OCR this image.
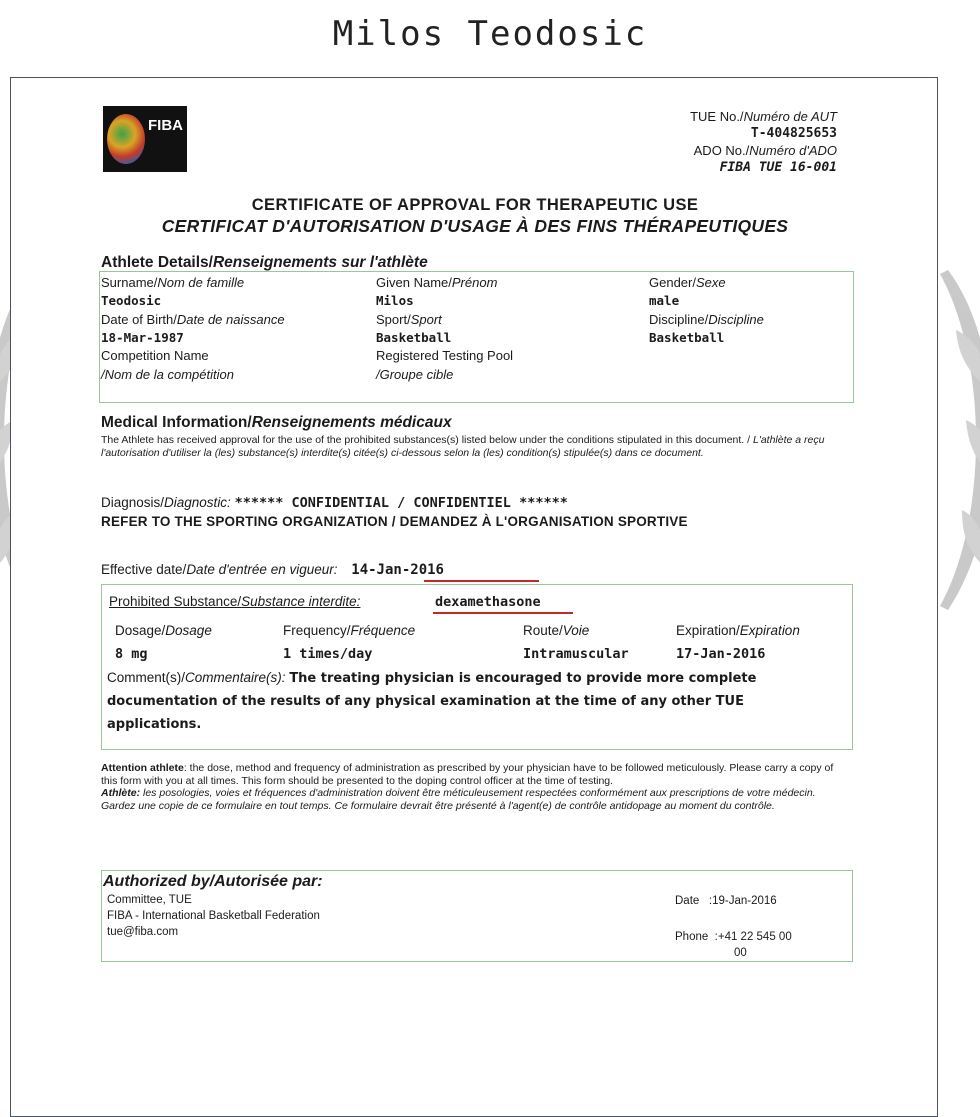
Milos Teodosic
FIBA
TUE No./Numéro de AUT
T-404825653
ADO No./Numéro d'ADO
FIBA TUE 16-001
CERTIFICATE OF APPROVAL FOR THERAPEUTIC USE
CERTIFICAT D'AUTORISATION D'USAGE À DES FINS THÉRAPEUTIQUES
Athlete Details/Renseignements sur l'athlète
Surname/Nom de famille
Teodosic
Date of Birth/Date de naissance
18-Mar-1987
Competition Name
/Nom de la compétition
Given Name/Prénom
Milos
Sport/Sport
Basketball
Registered Testing Pool
/Groupe cible
Gender/Sexe
male
Discipline/Discipline
Basketball
Medical Information/Renseignements médicaux
The Athlete has received approval for the use of the prohibited substances(s) listed below under the conditions stipulated in this document. / L'athlète a reçu l'autorisation d'utiliser la (les) substance(s) interdite(s) citée(s) ci-dessous selon la (les) condition(s) stipulée(s) dans ce document.
Diagnosis/Diagnostic: ****** CONFIDENTIAL / CONFIDENTIEL ******
REFER TO THE SPORTING ORGANIZATION / DEMANDEZ À L'ORGANISATION SPORTIVE
Effective date/Date d'entrée en vigueur: 14-Jan-2016
Prohibited Substance/Substance interdite:	dexamethasone
Dosage/Dosage
8 mg
Frequency/Fréquence
1 times/day
Route/Voie
Intramuscular
Expiration/Expiration
17-Jan-2016
Comment(s)/Commentaire(s): The treating physician is encouraged to provide more complete documentation of the results of any physical examination at the time of any other TUE applications.
Attention athlete: the dose, method and frequency of administration as prescribed by your physician have to be followed meticulously. Please carry a copy of this form with you at all times. This form should be presented to the doping control officer at the time of testing.
Athlète: les posologies, voies et fréquences d'administration doivent être méticuleusement respectées conformément aux prescriptions de votre médecin. Gardez une copie de ce formulaire en tout temps. Ce formulaire devrait être présenté à l'agent(e) de contrôle antidopage au moment du contrôle.
Authorized by/Autorisée par:
Committee, TUE
FIBA - International Basketball Federation
tue@fiba.com
Date :19-Jan-2016
Phone :+41 22 545 00
00
